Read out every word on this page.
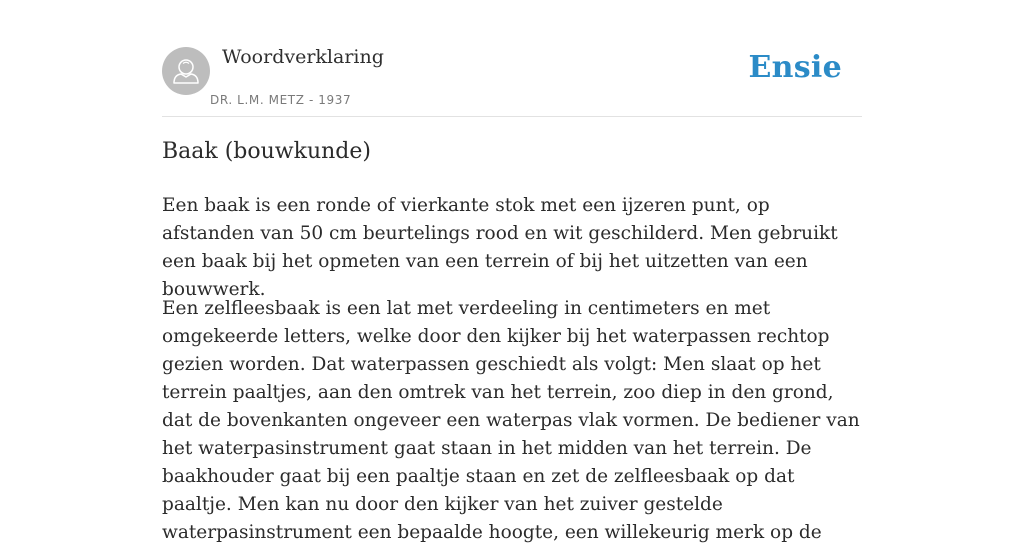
Woordverklaring
DR. L.M. METZ - 1937
Ensie
Baak (bouwkunde)

Een baak is een ronde of vierkante stok met een ijzeren punt, op afstanden van 50 cm beurtelings rood en wit geschilderd. Men gebruikt een baak bij het opmeten van een terrein of bij het uitzetten van een bouwwerk.

Een zelfleesbaak is een lat met verdeeling in centimeters en met omgekeerde letters, welke door den kijker bij het waterpassen rechtop gezien worden. Dat waterpassen geschiedt als volgt: Men slaat op het terrein paaltjes, aan den omtrek van het terrein, zoo diep in den grond, dat de bovenkanten ongeveer een waterpas vlak vormen. De bediener van het waterpasinstrument gaat staan in het midden van het terrein. De baakhouder gaat bij een paaltje staan en zet de zelfleesbaak op dat paaltje. Men kan nu door den kijker van het zuiver gestelde waterpasinstrument een bepaalde hoogte, een willekeurig merk op de
